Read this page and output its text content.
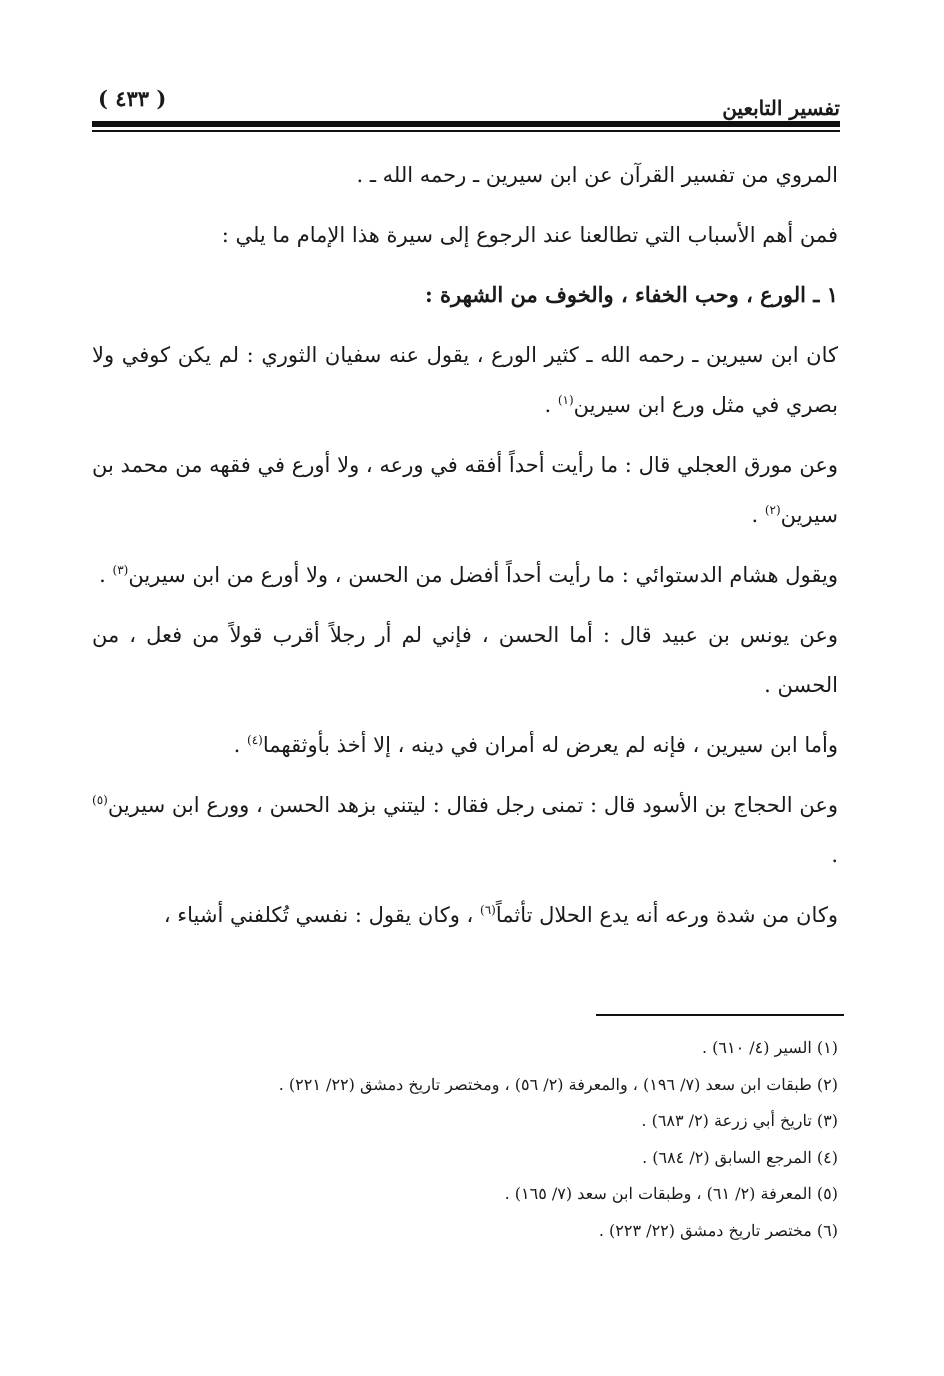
( ٤٣٣ )	تفسير التابعين

المروي من تفسير القرآن عن ابن سيرين ـ رحمه الله ـ .

فمن أهم الأسباب التي تطالعنا عند الرجوع إلى سيرة هذا الإمام ما يلي :

١ ـ الورع ، وحب الخفاء ، والخوف من الشهرة :

كان ابن سيرين ـ رحمه الله ـ كثير الورع ، يقول عنه سفيان الثوري : لم يكن كوفي ولا بصري في مثل ورع ابن سيرين$^{(١)}$ .

وعن مورق العجلي قال : ما رأيت أحداً أفقه في ورعه ، ولا أورع في فقهه من محمد بن سيرين$^{(٢)}$ .

ويقول هشام الدستوائي : ما رأيت أحداً أفضل من الحسن ، ولا أورع من ابن سيرين$^{(٣)}$ .

وعن يونس بن عبيد قال : أما الحسن ، فإني لم أر رجلاً أقرب قولاً من فعل ، من الحسن .

وأما ابن سيرين ، فإنه لم يعرض له أمران في دينه ، إلا أخذ بأوثقهما$^{(٤)}$ .

وعن الحجاج بن الأسود قال : تمنى رجل فقال : ليتني بزهد الحسن ، وورع ابن سيرين$^{(٥)}$ .

وكان من شدة ورعه أنه يدع الحلال تأثماً$^{(٦)}$ ، وكان يقول : نفسي تُكلفني أشياء ،

(١) السير (٤/ ٦١٠) .

(٢) طبقات ابن سعد (٧/ ١٩٦) ، والمعرفة (٢/ ٥٦) ، ومختصر تاريخ دمشق (٢٢/ ٢٢١) .

(٣) تاريخ أبي زرعة (٢/ ٦٨٣) .

(٤) المرجع السابق (٢/ ٦٨٤) .

(٥) المعرفة (٢/ ٦١) ، وطبقات ابن سعد (٧/ ١٦٥) .

(٦) مختصر تاريخ دمشق (٢٢/ ٢٢٣) .
